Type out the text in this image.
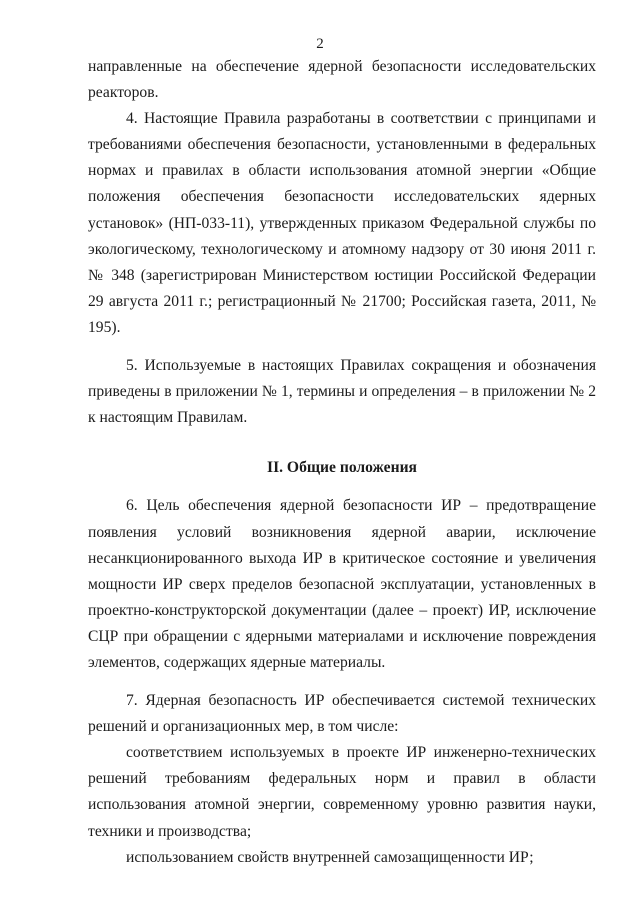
2

направленные на обеспечение ядерной безопасности исследовательских реакторов.

4. Настоящие Правила разработаны в соответствии с принципами и требованиями обеспечения безопасности, установленными в федеральных нормах и правилах в области использования атомной энергии «Общие положения обеспечения безопасности исследовательских ядерных установок» (НП-033-11), утвержденных приказом Федеральной службы по экологическому, технологическому и атомному надзору от 30 июня 2011 г. № 348 (зарегистрирован Министерством юстиции Российской Федерации 29 августа 2011 г.; регистрационный № 21700; Российская газета, 2011, № 195).

5. Используемые в настоящих Правилах сокращения и обозначения приведены в приложении № 1, термины и определения – в приложении № 2 к настоящим Правилам.

II. Общие положения

6. Цель обеспечения ядерной безопасности ИР – предотвращение появления условий возникновения ядерной аварии, исключение несанкционированного выхода ИР в критическое состояние и увеличения мощности ИР сверх пределов безопасной эксплуатации, установленных в проектно-конструкторской документации (далее – проект) ИР, исключение СЦР при обращении с ядерными материалами и исключение повреждения элементов, содержащих ядерные материалы.

7. Ядерная безопасность ИР обеспечивается системой технических решений и организационных мер, в том числе:

соответствием используемых в проекте ИР инженерно-технических решений требованиям федеральных норм и правил в области использования атомной энергии, современному уровню развития науки, техники и производства;

использованием свойств внутренней самозащищенности ИР;
